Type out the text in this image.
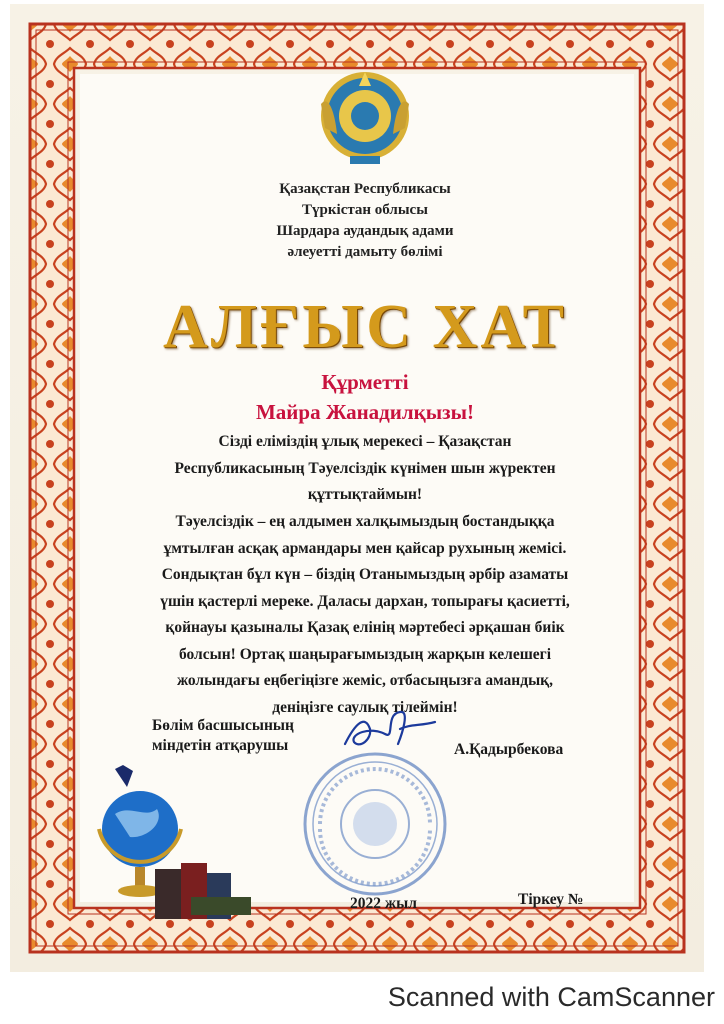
Қазақстан Республикасы
Түркістан облысы
Шардара аудандық адами
әлеуетті дамыту бөлімі
АЛҒЫС ХАТ
Құрметті
Майра Жанадилқызы!
Сізді еліміздің ұлық мерекесі – Қазақстан
Республикасының Тәуелсіздік күнімен шын жүректен
құттықтаймын!
Тәуелсіздік – ең алдымен халқымыздың бостандыққа
ұмтылған асқақ армандары мен қайсар рухының жемісі.
Сондықтан бұл күн – біздің Отанымыздың әрбір азаматы
үшін қастерлі мереке. Даласы дархан, топырағы қасиетті,
қойнауы қазыналы Қазақ елінің мәртебесі әрқашан биік
болсын! Ортақ шаңырағымыздың жарқын келешегі
жолындағы еңбегіңізге жеміс, отбасыңызға амандық,
денiңiзге саулық тілеймін!
Бөлім басшысының
міндетін атқарушы	А.Қадырбекова
2022 жыл	Тіркеу №
Scanned with CamScanner
